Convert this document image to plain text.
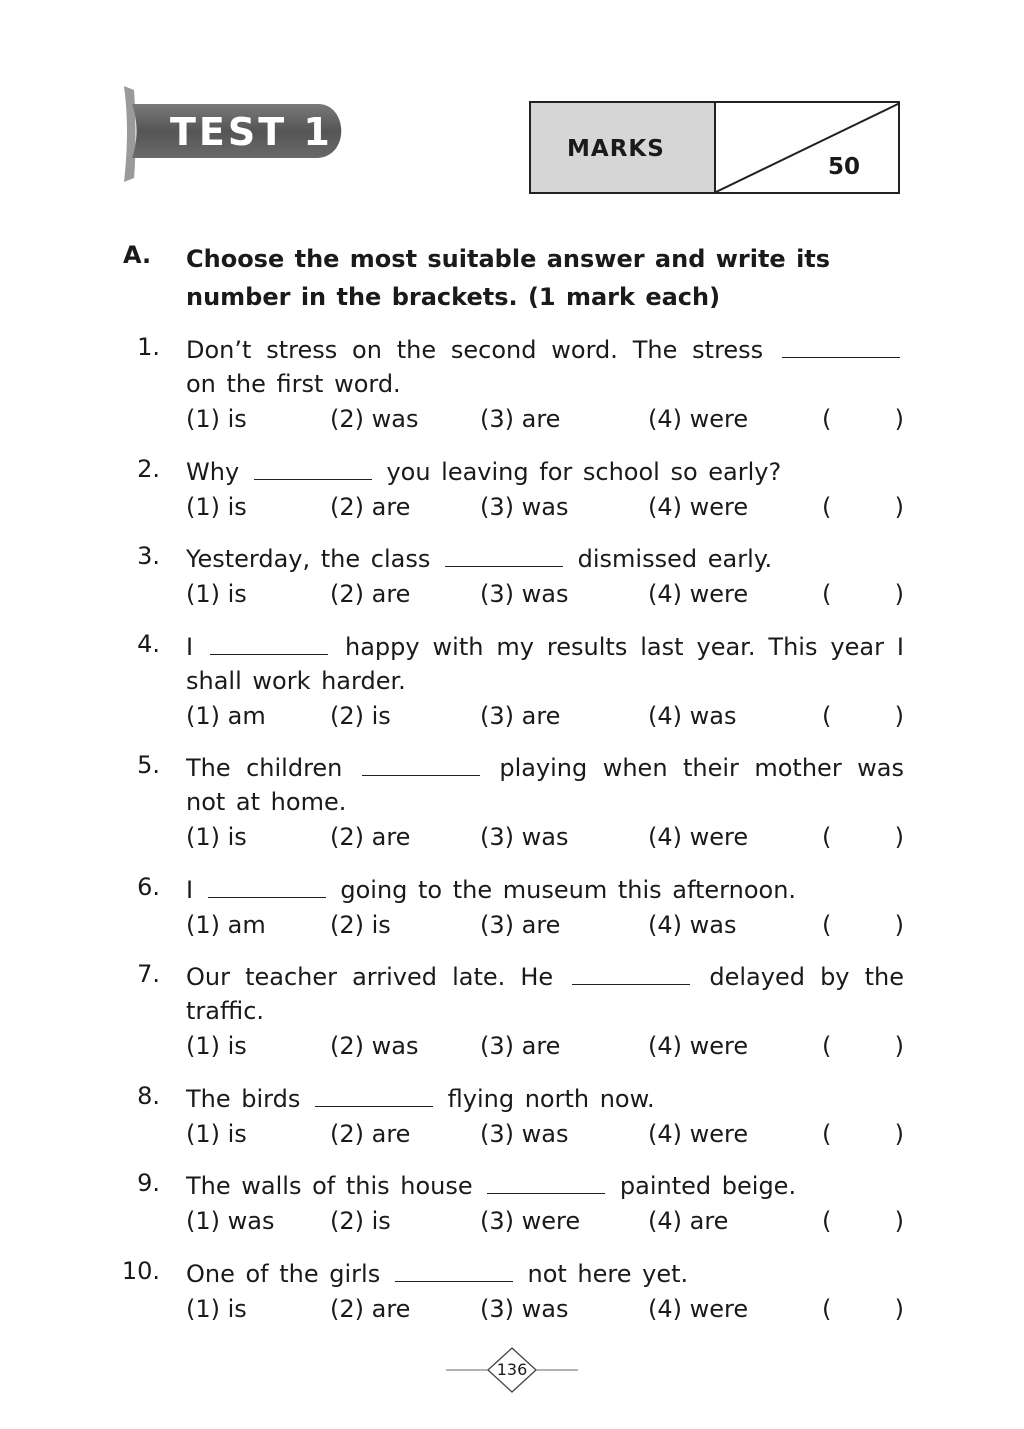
TEST 1	MARKS
50
A. Choose the most suitable answer and write its number in the brackets. (1 mark each)
1. Don’t stress on the second word. The stress  on the first word.
(1) is	(2) was	(3) are	(4) were	(	)
2. Why	you leaving for school so early?
(1) is	(2) are	(3) was	(4) were	(	)
3. Yesterday, the class	dismissed early.
(1) is	(2) are	(3) was	(4) were	(	)
4. I	happy with my results last year. This year I shall work harder.
(1) am	(2) is	(3) are	(4) was	(	)
5. The children	playing when their mother was not at home.
(1) is	(2) are	(3) was	(4) were	(	)
6. I	going to the museum this afternoon.
(1) am	(2) is	(3) are	(4) was	(	)
7. Our teacher arrived late. He	delayed by the traffic.
(1) is	(2) was	(3) are	(4) were	(	)
8. The birds	flying north now.
(1) is	(2) are	(3) was	(4) were	(	)
9. The walls of this house	painted beige.
(1) was (2) is	(3) were	(4) are	(	)
10. One of the girls	not here yet.
(1) is	(2) are	(3) was	(4) were	(	)
136
